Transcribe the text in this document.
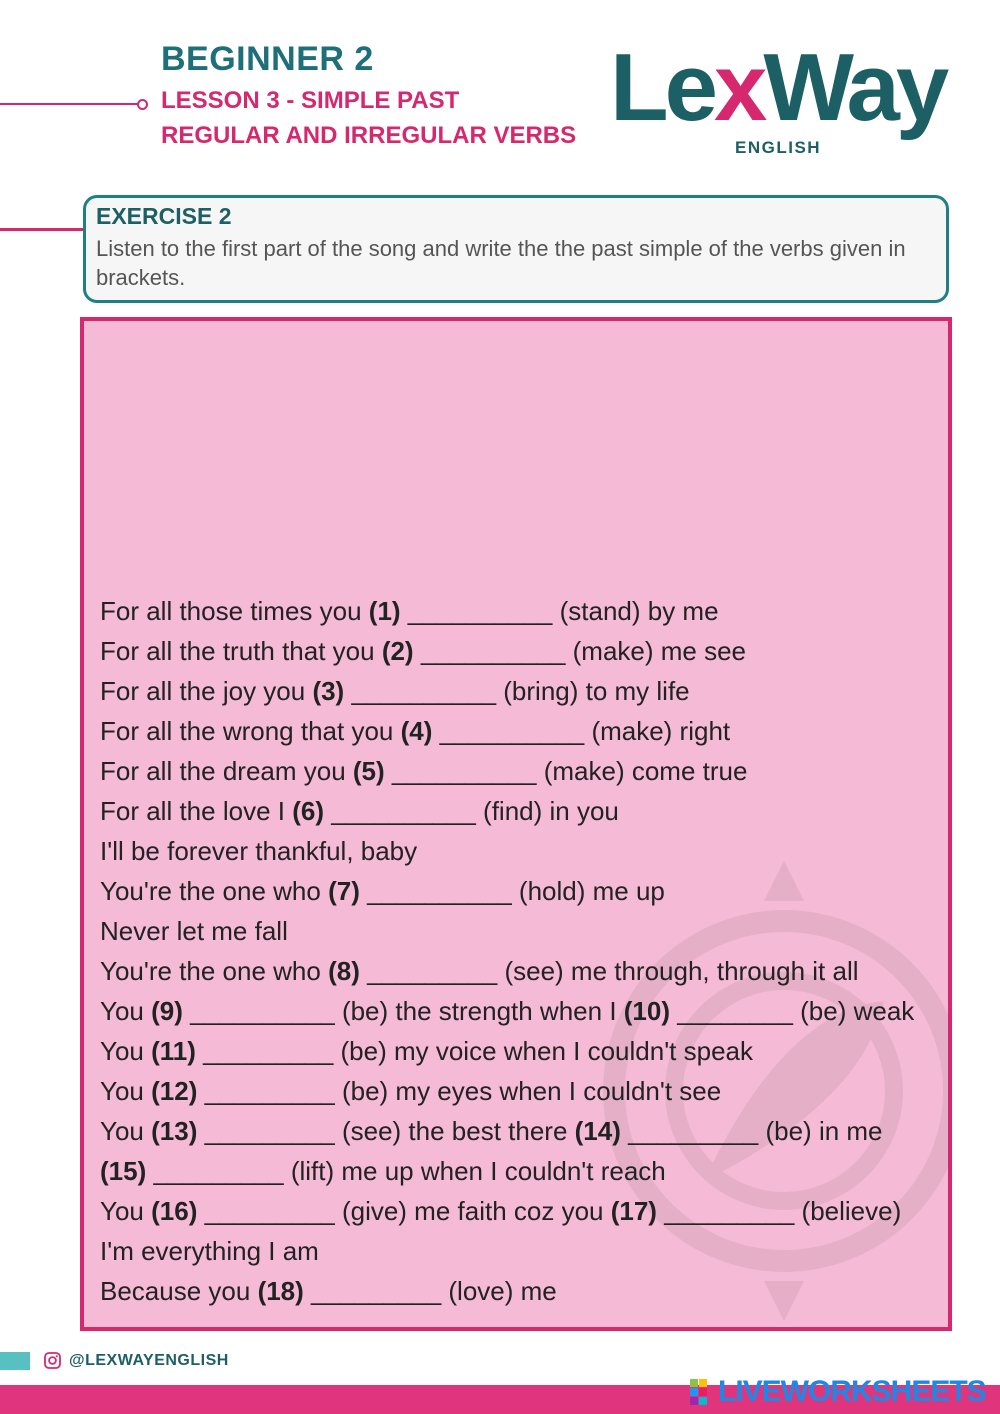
BEGINNER 2
LESSON 3 - SIMPLE PAST
REGULAR AND IRREGULAR VERBS LexWay
ENGLISH
EXERCISE 2
Listen to the first part of the song and write the the past simple of the verbs given in brackets.
For all those times you (1) __________ (stand) by me
For all the truth that you (2) __________ (make) me see
For all the joy you (3) __________ (bring) to my life
For all the wrong that you (4) __________ (make) right
For all the dream you (5) __________ (make) come true
For all the love I (6) __________ (find) in you
I'll be forever thankful, baby
You're the one who (7) __________ (hold) me up
Never let me fall
You're the one who (8) _________ (see) me through, through it all
You (9) __________ (be) the strength when I (10) ________ (be) weak
You (11) _________ (be) my voice when I couldn't speak
You (12) _________ (be) my eyes when I couldn't see
You (13) _________ (see) the best there (14) _________ (be) in me
(15) _________ (lift) me up when I couldn't reach
You (16) _________ (give) me faith coz you (17) _________ (believe)
I'm everything I am
Because you (18) _________ (love) me
@LEXWAYENGLISH
LIVEWORKSHEETS
